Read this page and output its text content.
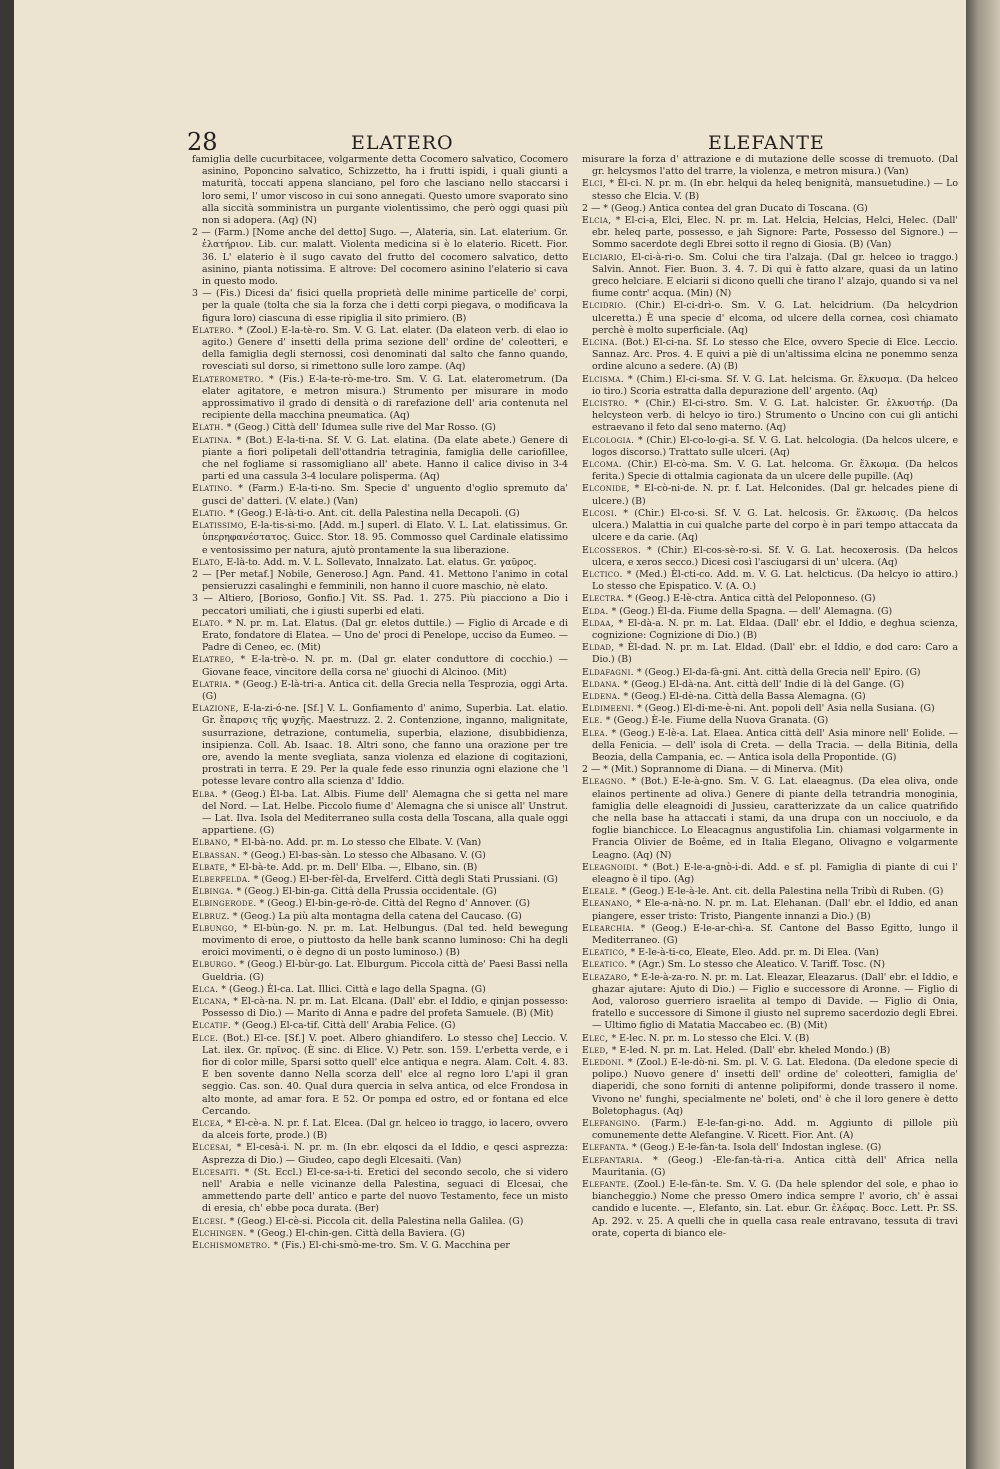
28	ELATERO	ELEFANTE

famiglia delle cucurbitacee, volgarmente detta Cocomero salvatico, Cocomero asinino, Poponcino salvatico, Schizzetto, ha i frutti ispidi, i quali giunti a maturità, toccati appena slanciano, pel foro che lasciano nello staccarsi i loro semi, l' umor viscoso in cui sono annegati. Questo umore svaporato sino alla siccità somministra un purgante violentissimo, che però oggi quasi più non si adopera. (Aq) (N)

2 — (Farm.) [Nome anche del detto] Sugo. —, Alateria, sin. Lat. elaterium. Gr. ἐλατήριον. Lib. cur. malatt. Violenta medicina si è lo elaterio. Ricett. Fior. 36. L' elaterio è il sugo cavato del frutto del cocomero salvatico, detto asinino, pianta notissima. E altrove: Del cocomero asinino l'elaterio si cava in questo modo.

3 — (Fis.) Dicesi da' fisici quella proprietà delle minime particelle de' corpi, per la quale (tolta che sia la forza che i detti corpi piegava, o modificava la figura loro) ciascuna di esse ripiglia il sito primiero. (B)

Elatero. * (Zool.) E-la-tè-ro. Sm. V. G. Lat. elater. (Da elateon verb. di elao io agito.) Genere d' insetti della prima sezione dell' ordine de' coleotteri, e della famiglia degli sternossi, così denominati dal salto che fanno quando, rovesciati sul dorso, si rimettono sulle loro zampe. (Aq)

Elaterometro. * (Fis.) E-la-te-rò-me-tro. Sm. V. G. Lat. elaterometrum. (Da elater agitatore, e metron misura.) Strumento per misurare in modo approssimativo il grado di densità o di rarefazione dell' aria contenuta nel recipiente della macchina pneumatica. (Aq)

Elath. * (Geog.) Città dell' Idumea sulle rive del Mar Rosso. (G)

Elatina. * (Bot.) E-la-ti-na. Sf. V. G. Lat. elatina. (Da elate abete.) Genere di piante a fiori polipetali dell'ottandria tetraginia, famiglia delle cariofillee, che nel fogliame si rassomigliano all' abete. Hanno il calice diviso in 3-4 parti ed una cassula 3-4 loculare polisperma. (Aq)

Elatino. * (Farm.) E-la-ti-no. Sm. Specie d' unguento d'oglio spremuto da' gusci de' datteri. (V. elate.) (Van)

Elatio. * (Geog.) E-là-ti-o. Ant. cit. della Palestina nella Decapoli. (G)

Elatissimo, E-la-tis-si-mo. [Add. m.] superl. di Elato. V. L. Lat. elatissimus. Gr. ὑπερηφανέστατος. Guicc. Stor. 18. 95. Commosso quel Cardinale elatissimo e ventosissimo per natura, ajutò prontamente la sua liberazione.

Elato, E-là-to. Add. m. V. L. Sollevato, Innalzato. Lat. elatus. Gr. γαῦρος.

2 — [Per metaf.] Nobile, Generoso.] Agn. Pand. 41. Mettono l'animo in cotal pensieruzzi casalinghi e femminili, non hanno il cuore maschio, nè elato.

3 — Altiero, [Borioso, Gonfio.] Vit. SS. Pad. 1. 275. Più piacciono a Dio i peccatori umiliati, che i giusti superbi ed elati.

Elato. * N. pr. m. Lat. Elatus. (Dal gr. eletos duttile.) — Figlio di Arcade e di Erato, fondatore di Elatea. — Uno de' proci di Penelope, ucciso da Eumeo. — Padre di Ceneo, ec. (Mit)

Elatreo, * E-la-trè-o. N. pr. m. (Dal gr. elater conduttore di cocchio.) — Giovane feace, vincitore della corsa ne' giuochi di Alcinoo. (Mit)

Elatria. * (Geog.) E-là-tri-a. Antica cit. della Grecia nella Tesprozia, oggi Arta. (G)

Elazione, E-la-zi-ó-ne. [Sf.] V. L. Gonfiamento d' animo, Superbia. Lat. elatio. Gr. ἔπαρσις τῆς ψυχῆς. Maestruzz. 2. 2. Contenzione, inganno, malignitate, susurrazione, detrazione, contumelia, superbia, elazione, disubbidienza, insipienza. Coll. Ab. Isaac. 18. Altri sono, che fanno una orazione per tre ore, avendo la mente svegliata, sanza violenza ed elazione di cogitazioni, prostrati in terra. E 29. Per la quale fede esso rinunzia ogni elazione che 'l potesse levare contro alla scienza d' Iddio.

Elba. * (Geog.) Èl-ba. Lat. Albis. Fiume dell' Alemagna che si getta nel mare del Nord. — Lat. Helbe. Piccolo fiume d' Alemagna che si unisce all' Unstrut. — Lat. Ilva. Isola del Mediterraneo sulla costa della Toscana, alla quale oggi appartiene. (G)

Elbano, * El-bà-no. Add. pr. m. Lo stesso che Elbate. V. (Van)

Elbassan. * (Geog.) El-bas-sàn. Lo stesso che Albasano. V. (G)

Elbate, * El-bà-te. Add. pr. m. Dell' Elba. —, Elbano, sin. (B)

Elberfelda. * (Geog.) El-ber-fèl-da, Ervelferd. Città degli Stati Prussiani. (G)

Elbinga. * (Geog.) El-bin-ga. Città della Prussia occidentale. (G)

Elbingerode. * (Geog.) El-bin-ge-rò-de. Città del Regno d' Annover. (G)

Elbruz. * (Geog.) La più alta montagna della catena del Caucaso. (G)

Elbungo, * El-bùn-go. N. pr. m. Lat. Helbungus. (Dal ted. held bewegung movimento di eroe, o piuttosto da helle bank scanno luminoso: Chi ha degli eroici movimenti, o è degno di un posto luminoso.) (B)

Elburgo. * (Geog.) El-bùr-go. Lat. Elburgum. Piccola città de' Paesi Bassi nella Gueldria. (G)

Elca. * (Geog.) Èl-ca. Lat. Illici. Città e lago della Spagna. (G)

Elcana, * El-cà-na. N. pr. m. Lat. Elcana. (Dall' ebr. el Iddio, e qinjan possesso: Possesso di Dio.) — Marito di Anna e padre del profeta Samuele. (B) (Mit)

Elcatif. * (Geog.) El-ca-tif. Città dell' Arabia Felice. (G)

Elce. (Bot.) El-ce. [Sf.] V. poet. Albero ghiandifero. Lo stesso che] Leccio. V. Lat. ilex. Gr. πρῖνος. (È sinc. di Elice. V.) Petr. son. 159. L'erbetta verde, e i fior di color mille, Sparsi sotto quell' elce antiqua e negra. Alam. Colt. 4. 83. E ben sovente danno Nella scorza dell' elce al regno loro L'api il gran seggio. Cas. son. 40. Qual dura quercia in selva antica, od elce Frondosa in alto monte, ad amar fora. E 52. Or pompa ed ostro, ed or fontana ed elce Cercando.

Elcea, * El-cè-a. N. pr. f. Lat. Elcea. (Dal gr. helceo io traggo, io lacero, ovvero da alceis forte, prode.) (B)

Elcesai, * El-cesà-i. N. pr. m. (In ebr. elqosci da el Iddio, e qesci asprezza: Asprezza di Dio.) — Giudeo, capo degli Elcesaiti. (Van)

Elcesaiti. * (St. Eccl.) El-ce-sa-i-ti. Eretici del secondo secolo, che si videro nell' Arabia e nelle vicinanze della Palestina, seguaci di Elcesai, che ammettendo parte dell' antico e parte del nuovo Testamento, fece un misto di eresia, ch' ebbe poca durata. (Ber)

Elcesi. * (Geog.) El-cè-si. Piccola cit. della Palestina nella Galilea. (G)

Elchingen. * (Geog.) El-chin-gen. Città della Baviera. (G)

Elchismometro. * (Fis.) El-chi-smò-me-tro. Sm. V. G. Macchina per

misurare la forza d' attrazione e di mutazione delle scosse di tremuoto. (Dal gr. helcysmos l'atto del trarre, la violenza, e metron misura.) (Van)

Elci, * Èl-ci. N. pr. m. (In ebr. helqui da heleq benignità, mansuetudine.) — Lo stesso che Elcia. V. (B)

2 — * (Geog.) Antica contea del gran Ducato di Toscana. (G)

Elcia, * El-ci-a, Elci, Elec. N. pr. m. Lat. Helcia, Helcias, Helci, Helec. (Dall' ebr. heleq parte, possesso, e jah Signore: Parte, Possesso del Signore.) — Sommo sacerdote degli Ebrei sotto il regno di Giosia. (B) (Van)

Elciario, El-ci-à-ri-o. Sm. Colui che tira l'alzaja. (Dal gr. helceo io traggo.) Salvin. Annot. Fier. Buon. 3. 4. 7. Di qui è fatto alzare, quasi da un latino greco helciare. E elciarii si dicono quelli che tirano l' alzajo, quando si va nel fiume contr' acqua. (Min) (N)

Elcidrio. (Chir.) El-ci-drì-o. Sm. V. G. Lat. helcidrium. (Da helcydrion ulceretta.) È una specie d' elcoma, od ulcere della cornea, così chiamato perchè è molto superficiale. (Aq)

Elcina. (Bot.) El-ci-na. Sf. Lo stesso che Elce, ovvero Specie di Elce. Leccio. Sannaz. Arc. Pros. 4. E quivi a piè di un'altissima elcina ne ponemmo senza ordine alcuno a sedere. (A) (B)

Elcisma. * (Chim.) El-ci-sma. Sf. V. G. Lat. helcisma. Gr. ἕλκυσμα. (Da helceo io tiro.) Scoria estratta dalla depurazione dell' argento. (Aq)

Elcistro. * (Chir.) El-ci-stro. Sm. V. G. Lat. halcister. Gr. ἑλκυστήρ. (Da helcysteon verb. di helcyo io tiro.) Strumento o Uncino con cui gli antichi estraevano il feto dal seno materno. (Aq)

Elcologia. * (Chir.) El-co-lo-gi-a. Sf. V. G. Lat. helcologia. (Da helcos ulcere, e logos discorso.) Trattato sulle ulceri. (Aq)

Elcoma. (Chir.) El-cò-ma. Sm. V. G. Lat. helcoma. Gr. ἕλκωμα. (Da helcos ferita.) Specie di ottalmia cagionata da un ulcere delle pupille. (Aq)

Elconide, * El-cò-ni-de. N. pr. f. Lat. Helconides. (Dal gr. helcades piene di ulcere.) (B)

Elcosi. * (Chir.) El-co-si. Sf. V. G. Lat. helcosis. Gr. ἕλκωσις. (Da helcos ulcera.) Malattia in cui qualche parte del corpo è in pari tempo attaccata da ulcere e da carie. (Aq)

Elcosseros. * (Chir.) El-cos-sè-ro-si. Sf. V. G. Lat. hecoxerosis. (Da helcos ulcera, e xeros secco.) Dicesi così l'asciugarsi di un' ulcera. (Aq)

Elctico. * (Med.) Èl-cti-co. Add. m. V. G. Lat. helcticus. (Da helcyo io attiro.) Lo stesso che Epispatico. V. (A. O.)

Electra. * (Geog.) E-lè-ctra. Antica città del Peloponneso. (G)

Elda. * (Geog.) Èl-da. Fiume della Spagna. — dell' Alemagna. (G)

Eldaa, * El-dà-a. N. pr. m. Lat. Eldaa. (Dall' ebr. el Iddio, e deghua scienza, cognizione: Cognizione di Dio.) (B)

Eldad, * Èl-dad. N. pr. m. Lat. Eldad. (Dall' ebr. el Iddio, e dod caro: Caro a Dio.) (B)

Eldafagni. * (Geog.) El-da-fà-gni. Ant. città della Grecia nell' Epiro. (G)

Eldana. * (Geog.) El-dà-na. Ant. città dell' Indie di là del Gange. (G)

Eldena. * (Geog.) El-dè-na. Città della Bassa Alemagna. (G)

Eldimeeni. * (Geog.) El-di-me-è-ni. Ant. popoli dell' Asia nella Susiana. (G)

Ele. * (Geog.) È-le. Fiume della Nuova Granata. (G)

Elea. * (Geog.) E-lè-a. Lat. Elaea. Antica città dell' Asia minore nell' Eolide. — della Fenicia. — dell' isola di Creta. — della Tracia. — della Bitinia, della Beozia, della Campania, ec. — Antica isola della Propontide. (G)

2 — * (Mit.) Soprannome di Diana. — di Minerva. (Mit)

Eleagno. * (Bot.) E-le-à-gno. Sm. V. G. Lat. elaeagnus. (Da elea oliva, onde elainos pertinente ad oliva.) Genere di piante della tetrandria monoginia, famiglia delle eleagnoidi di Jussieu, caratterizzate da un calice quatrifido che nella base ha attaccati i stami, da una drupa con un nocciuolo, e da foglie bianchicce. Lo Eleacagnus angustifolia Lin. chiamasi volgarmente in Francia Olivier de Boême, ed in Italia Elegano, Olivagno e volgarmente Leagno. (Aq) (N)

Eleagnoidi. * (Bot.) E-le-a-gnò-i-di. Add. e sf. pl. Famiglia di piante di cui l' eleagno è il tipo. (Ag)

Eleale. * (Geog.) E-le-à-le. Ant. cit. della Palestina nella Tribù di Ruben. (G)

Eleanano, * Ele-a-nà-no. N. pr. m. Lat. Elehanan. (Dall' ebr. el Iddio, ed anan piangere, esser tristo: Tristo, Piangente innanzi a Dio.) (B)

Elearchia. * (Geog.) E-le-ar-chì-a. Sf. Cantone del Basso Egitto, lungo il Mediterraneo. (G)

Eleatico, * E-le-à-ti-co, Eleate, Eleo. Add. pr. m. Di Elea. (Van)

Eleatico. * (Agr.) Sm. Lo stesso che Aleatico. V. Tariff. Tosc. (N)

Eleazaro, * E-le-à-za-ro. N. pr. m. Lat. Eleazar, Eleazarus. (Dall' ebr. el Iddio, e ghazar ajutare: Ajuto di Dio.) — Figlio e successore di Aronne. — Figlio di Aod, valoroso guerriero israelita al tempo di Davide. — Figlio di Onia, fratello e successore di Simone il giusto nel supremo sacerdozio degli Ebrei. — Ultimo figlio di Matatia Maccabeo ec. (B) (Mit)

Elec, * E-lec. N. pr. m. Lo stesso che Elci. V. (B)

Eled, * E-led. N. pr. m. Lat. Heled. (Dall' ebr. kheled Mondo.) (B)

Eledoni. * (Zool.) E-le-dò-ni. Sm. pl. V. G. Lat. Eledona. (Da eledone specie di polipo.) Nuovo genere d' insetti dell' ordine de' coleotteri, famiglia de' diaperidi, che sono forniti di antenne polipiformi, donde trassero il nome. Vivono ne' funghi, specialmente ne' boleti, ond' è che il loro genere è detto Boletophagus. (Aq)

Elefangino. (Farm.) E-le-fan-gi-no. Add. m. Aggiunto di pillole più comunemente dette Alefangine. V. Ricett. Fior. Ant. (A)

Elefanta. * (Geog.) E-le-fàn-ta. Isola dell' Indostan inglese. (G)

Elefantaria. * (Geog.) -Ele-fan-tà-ri-a. Antica città dell' Africa nella Mauritania. (G)

Elefante. (Zool.) E-le-fàn-te. Sm. V. G. (Da hele splendor del sole, e phao io biancheggio.) Nome che presso Omero indica sempre l' avorio, ch' è assai candido e lucente. —, Elefanto, sin. Lat. ebur. Gr. ἐλέφας. Bocc. Lett. Pr. SS. Ap. 292. v. 25. A quelli che in quella casa reale entravano, tessuta di travi orate, coperta di bianco ele-
